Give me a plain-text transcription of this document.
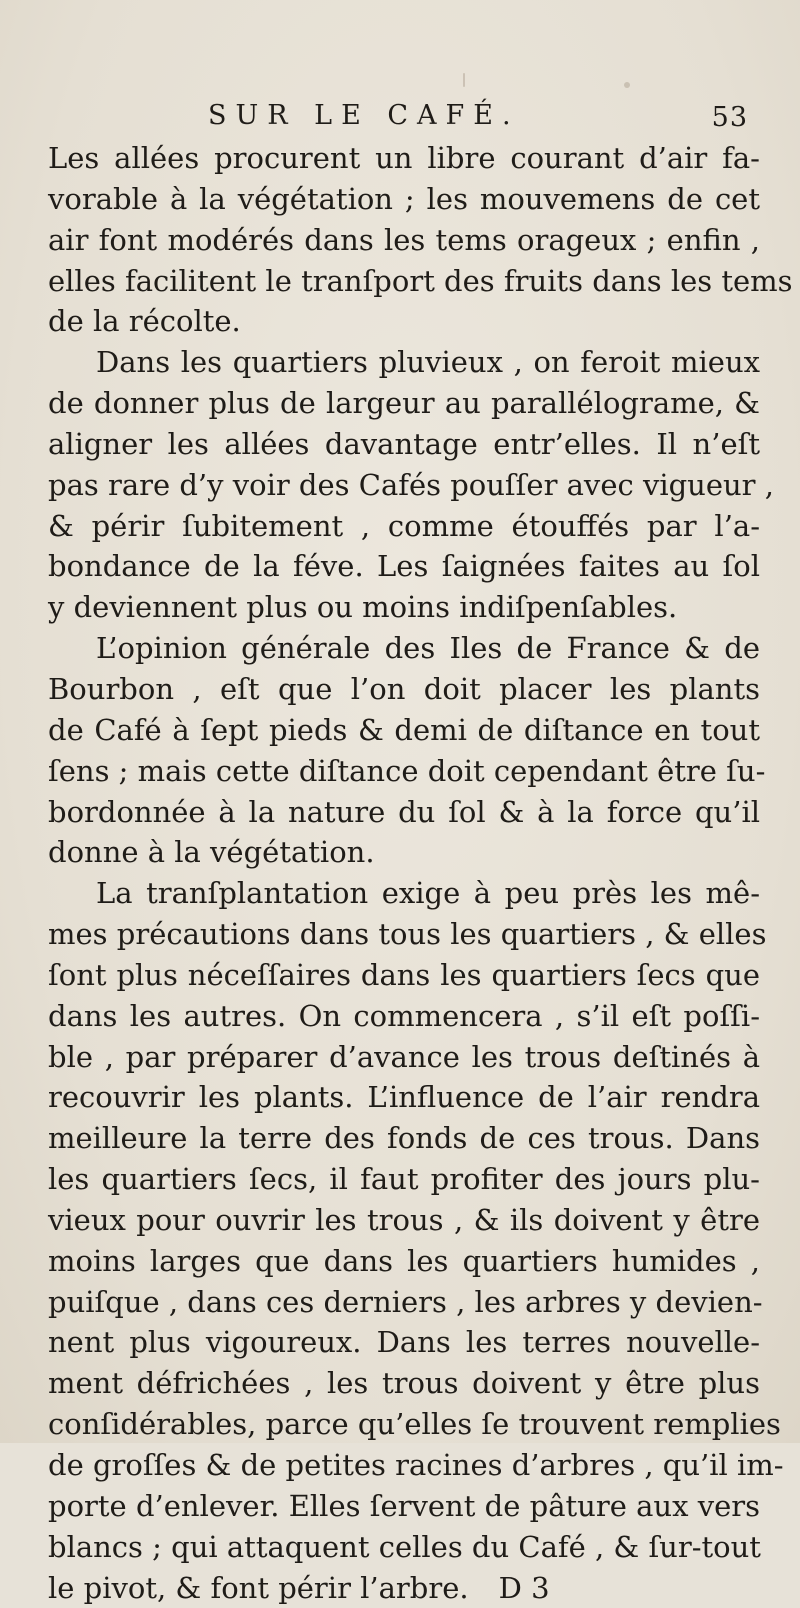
SUR LE CAFÉ.	53
Les allées procurent un libre courant d’air fa-
vorable à la végétation ; les mouvemens de cet
air font modérés dans les tems orageux ; enfin ,
elles facilitent le tranſport des fruits dans les tems
de la récolte.
Dans les quartiers pluvieux , on feroit mieux
de donner plus de largeur au parallélograme, &
aligner les allées davantage entr’elles. Il n’eſt
pas rare d’y voir des Cafés pouſſer avec vigueur ,
& périr ſubitement , comme étouffés par l’a-
bondance de la féve. Les ſaignées faites au ſol
y deviennent plus ou moins indiſpenſables.
L’opinion générale des Iles de France & de
Bourbon , eſt que l’on doit placer les plants
de Café à ſept pieds & demi de diſtance en tout
ſens ; mais cette diſtance doit cependant être ſu-
bordonnée à la nature du ſol & à la force qu’il
donne à la végétation.
La tranſplantation exige à peu près les mê-
mes précautions dans tous les quartiers , & elles
ſont plus néceſſaires dans les quartiers ſecs que
dans les autres. On commencera , s’il eſt poſſi-
ble , par préparer d’avance les trous deſtinés à
recouvrir les plants. L’influence de l’air rendra
meilleure la terre des fonds de ces trous. Dans
les quartiers ſecs, il faut profiter des jours plu-
vieux pour ouvrir les trous , & ils doivent y être
moins larges que dans les quartiers humides ,
puiſque , dans ces derniers , les arbres y devien-
nent plus vigoureux. Dans les terres nouvelle-
ment défrichées , les trous doivent y être plus
conſidérables, parce qu’elles ſe trouvent remplies
de groſſes & de petites racines d’arbres , qu’il im-
porte d’enlever. Elles ſervent de pâture aux vers
blancs ; qui attaquent celles du Café , & ſur-tout
le pivot, & font périr l’arbre. D 3
